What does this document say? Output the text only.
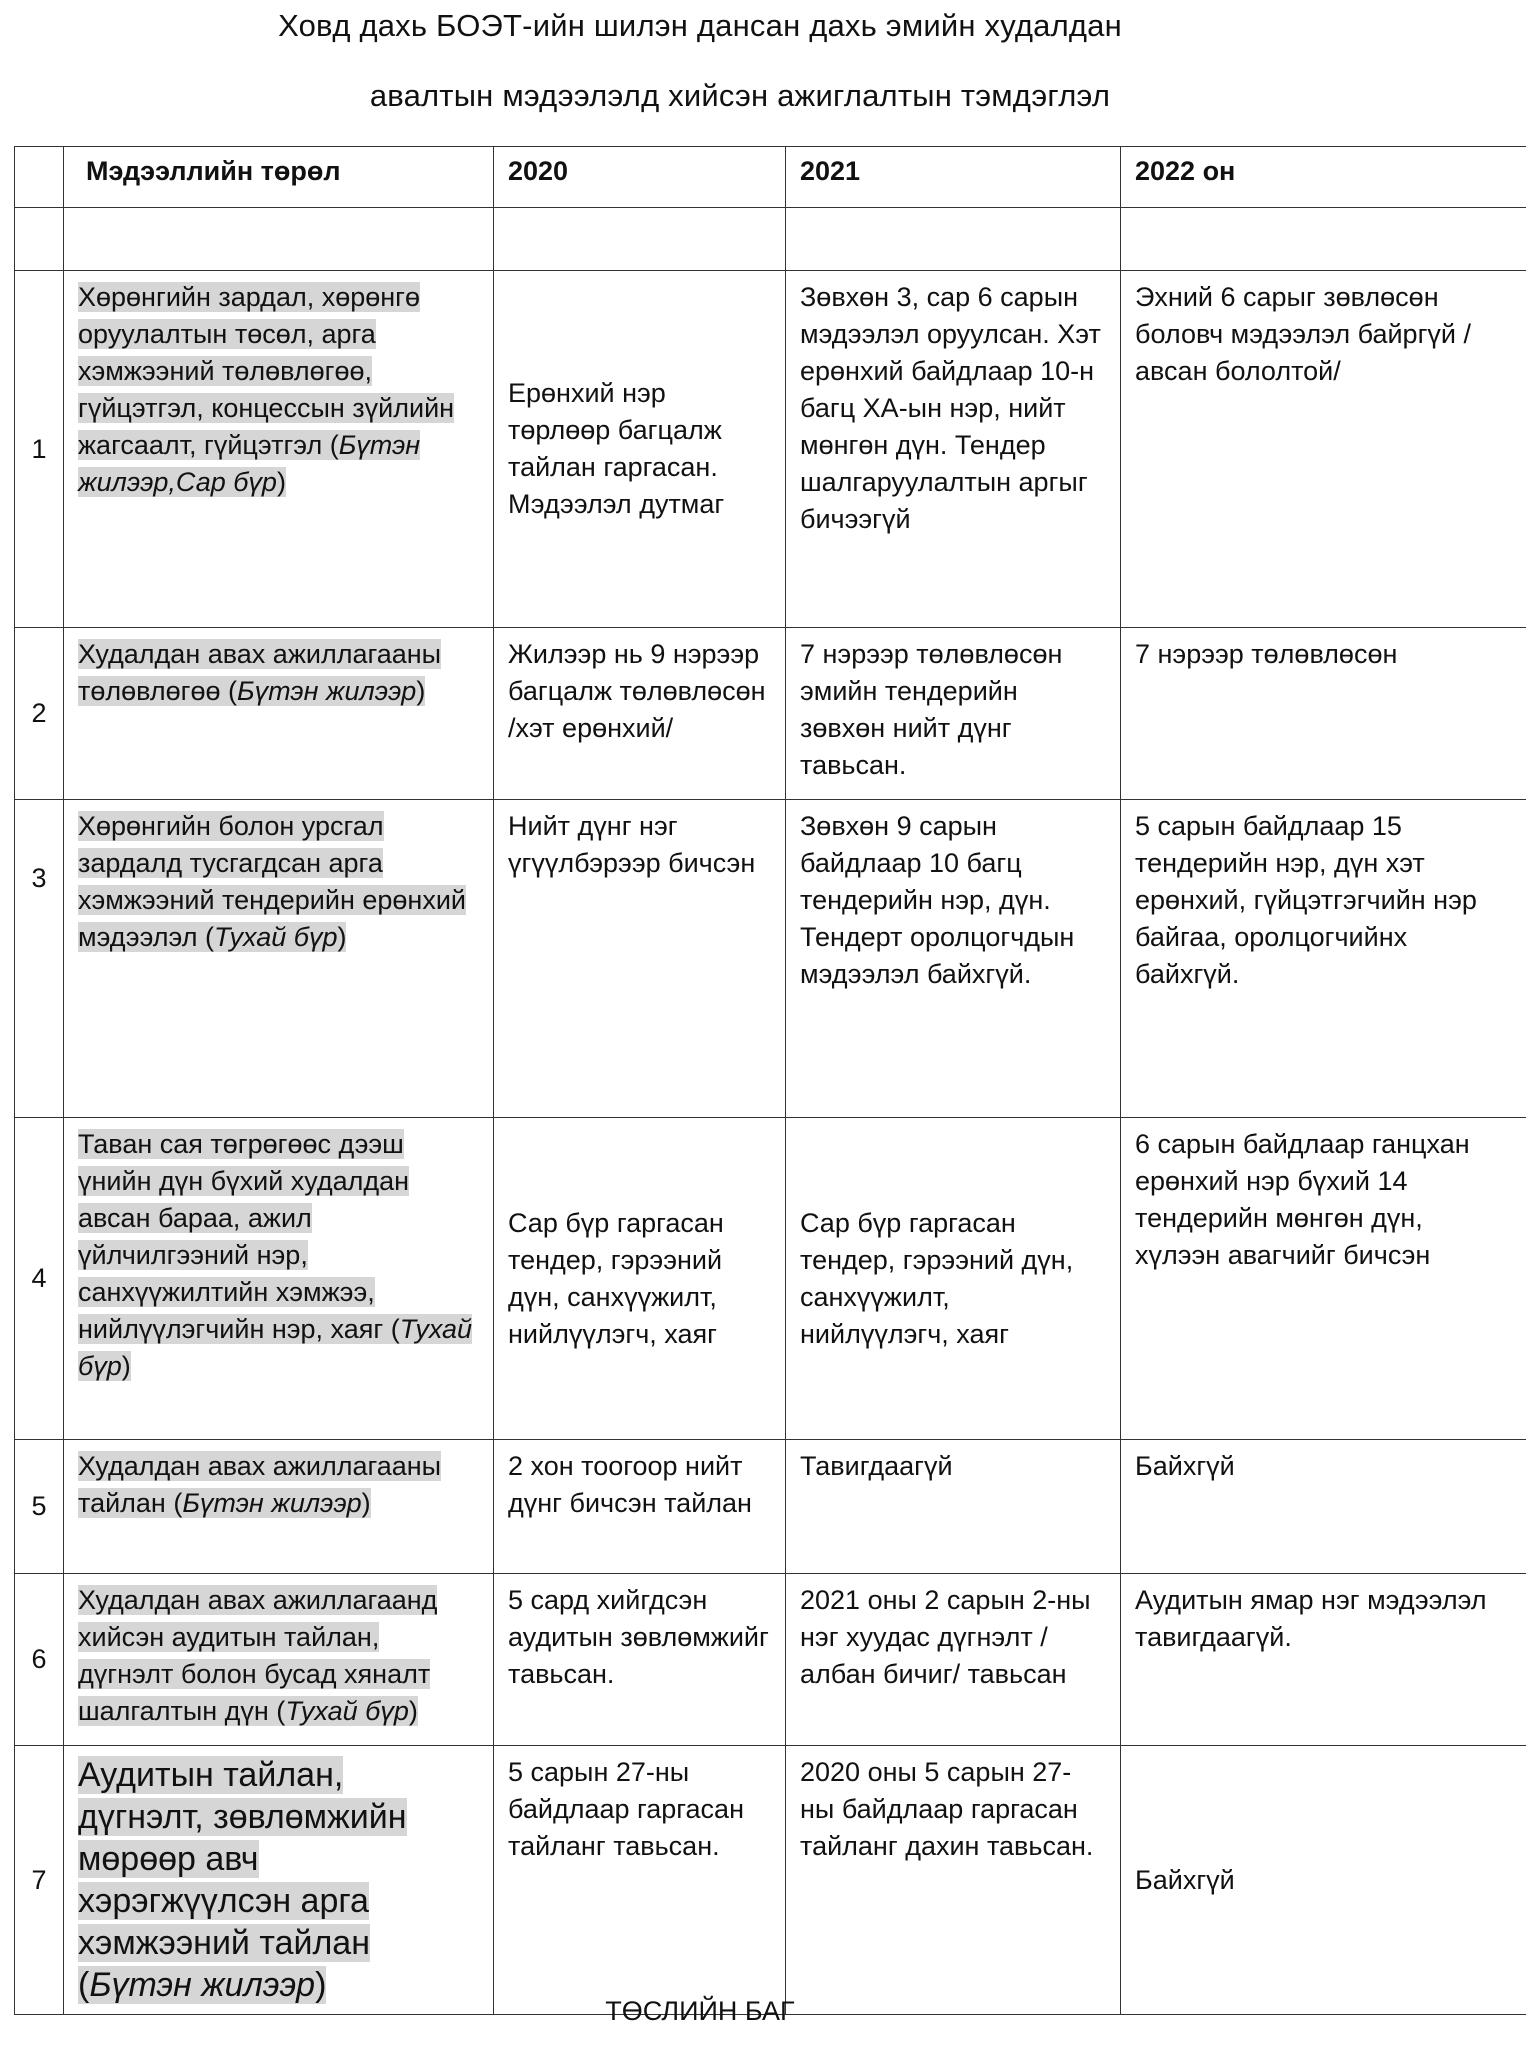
Ховд дахь БОЭТ-ийн шилэн дансан дахь эмийн худалдан
авалтын мэдээлэлд хийсэн ажиглалтын тэмдэглэл
	Мэдээллийн төрөл	2020	2021	2022 он

1	Хөрөнгийн зардал, хөрөнгө оруулалтын төсөл, арга хэмжээний төлөвлөгөө, гүйцэтгэл, концессын зүйлийн жагсаалт, гүйцэтгэл (Бүтэн жилээр,Сар бүр)	Ерөнхий нэр төрлөөр багцалж тайлан гаргасан. Мэдээлэл дутмаг	Зөвхөн 3, сар 6 сарын мэдээлэл оруулсан. Хэт ерөнхий байдлаар 10-н багц ХА-ын нэр, нийт мөнгөн дүн. Тендер шалгаруулалтын аргыг бичээгүй	Эхний 6 сарыг зөвлөсөн боловч мэдээлэл байргүй /авсан бололтой/
2	Худалдан авах ажиллагааны төлөвлөгөө (Бүтэн жилээр)	Жилээр нь 9 нэрээр багцалж төлөвлөсөн /хэт ерөнхий/	7 нэрээр төлөвлөсөн эмийн тендерийн зөвхөн нийт дүнг тавьсан.	7 нэрээр төлөвлөсөн
3	Хөрөнгийн болон урсгал зардалд тусгагдсан арга хэмжээний тендерийн ерөнхий мэдээлэл (Тухай бүр)	Нийт дүнг нэг үгүүлбэрээр бичсэн	Зөвхөн 9 сарын байдлаар 10 багц тендерийн нэр, дүн. Тендерт оролцогчдын мэдээлэл байхгүй.	5 сарын байдлаар 15 тендерийн нэр, дүн хэт ерөнхий, гүйцэтгэгчийн нэр байгаа, оролцогчийнх байхгүй.
4	Таван сая төгрөгөөс дээш үнийн дүн бүхий худалдан авсан бараа, ажил үйлчилгээний нэр, санхүүжилтийн хэмжээ, нийлүүлэгчийн нэр, хаяг (Тухай бүр)	Сар бүр гаргасан тендер, гэрээний дүн, санхүүжилт, нийлүүлэгч, хаяг	Сар бүр гаргасан тендер, гэрээний дүн, санхүүжилт, нийлүүлэгч, хаяг	6 сарын байдлаар ганцхан ерөнхий нэр бүхий 14 тендерийн мөнгөн дүн, хүлээн авагчийг бичсэн
5	Худалдан авах ажиллагааны тайлан (Бүтэн жилээр)	2 хон тоогоор нийт дүнг бичсэн тайлан	Тавигдаагүй	Байхгүй
6	Худалдан авах ажиллагаанд хийсэн аудитын тайлан, дүгнэлт болон бусад хяналт шалгалтын дүн (Тухай бүр)	5 сард хийгдсэн аудитын зөвлөмжийг тавьсан.	2021 оны 2 сарын 2-ны нэг хуудас дүгнэлт /албан бичиг/ тавьсан	Аудитын ямар нэг мэдээлэл тавигдаагүй.
7	Аудитын тайлан, дүгнэлт, зөвлөмжийн мөрөөр авч хэрэгжүүлсэн арга хэмжээний тайлан (Бүтэн жилээр)	5 сарын 27-ны байдлаар гаргасан тайланг тавьсан.	2020 оны 5 сарын 27-ны байдлаар гаргасан тайланг дахин тавьсан.	Байхгүй
ТӨСЛИЙН БАГ
